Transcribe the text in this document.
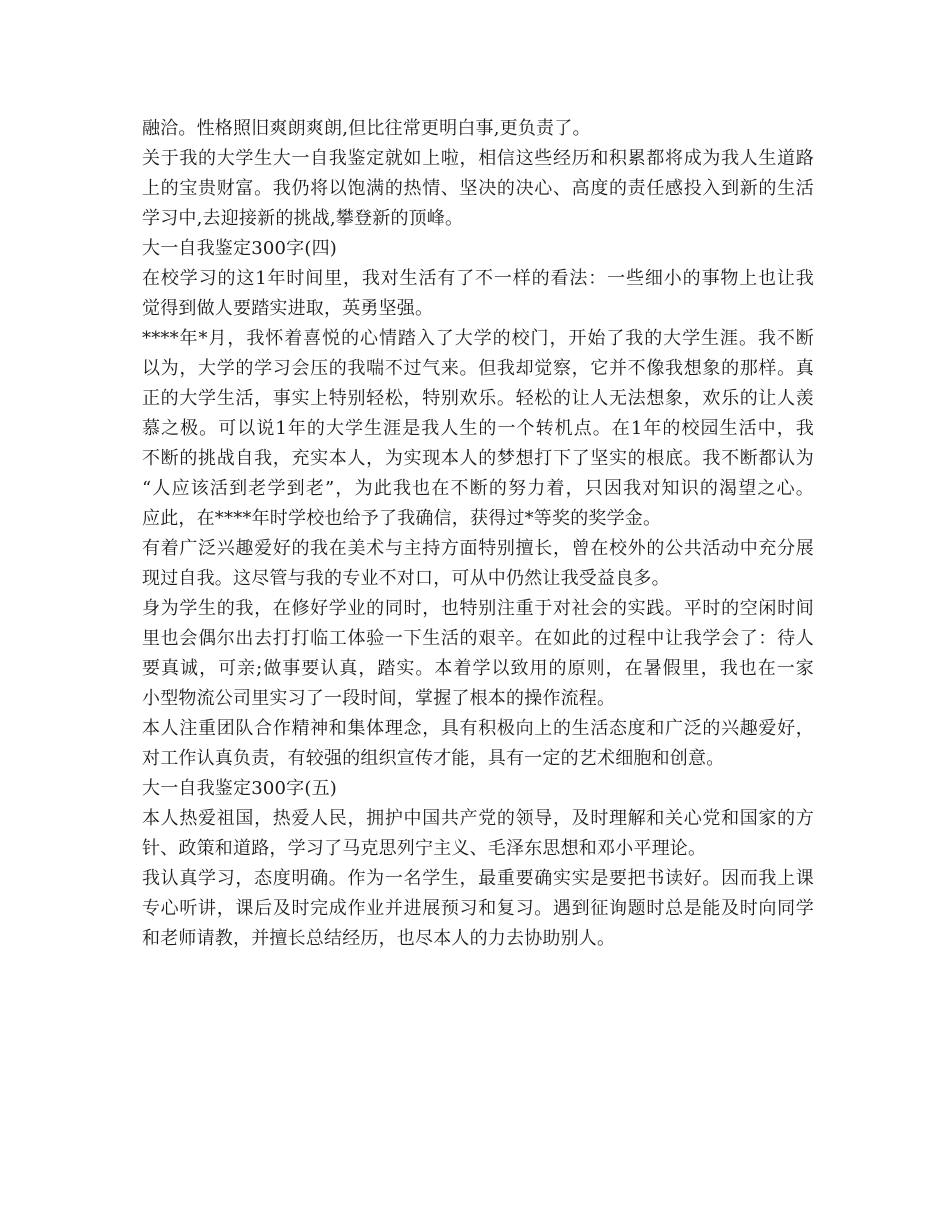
融洽。性格照旧爽朗爽朗,但比往常更明白事,更负责了。
关于我的大学生大一自我鉴定就如上啦，相信这些经历和积累都将成为我人生道路
上的宝贵财富。我仍将以饱满的热情、坚决的决心、高度的责任感投入到新的生活
学习中,去迎接新的挑战,攀登新的顶峰。
大一自我鉴定300字(四)
在校学习的这1年时间里，我对生活有了不一样的看法：一些细小的事物上也让我
觉得到做人要踏实进取，英勇坚强。
****年*月，我怀着喜悦的心情踏入了大学的校门，开始了我的大学生涯。我不断
以为，大学的学习会压的我喘不过气来。但我却觉察，它并不像我想象的那样。真
正的大学生活，事实上特别轻松，特别欢乐。轻松的让人无法想象，欢乐的让人羡
慕之极。可以说1年的大学生涯是我人生的一个转机点。在1年的校园生活中，我
不断的挑战自我，充实本人，为实现本人的梦想打下了坚实的根底。我不断都认为
“人应该活到老学到老”，为此我也在不断的努力着，只因我对知识的渴望之心。
应此，在****年时学校也给予了我确信，获得过*等奖的奖学金。
有着广泛兴趣爱好的我在美术与主持方面特别擅长，曾在校外的公共活动中充分展
现过自我。这尽管与我的专业不对口，可从中仍然让我受益良多。
身为学生的我，在修好学业的同时，也特别注重于对社会的实践。平时的空闲时间
里也会偶尔出去打打临工体验一下生活的艰辛。在如此的过程中让我学会了：待人
要真诚，可亲;做事要认真，踏实。本着学以致用的原则，在暑假里，我也在一家
小型物流公司里实习了一段时间，掌握了根本的操作流程。
本人注重团队合作精神和集体理念，具有积极向上的生活态度和广泛的兴趣爱好，
对工作认真负责，有较强的组织宣传才能，具有一定的艺术细胞和创意。
大一自我鉴定300字(五)
本人热爱祖国，热爱人民，拥护中国共产党的领导，及时理解和关心党和国家的方
针、政策和道路，学习了马克思列宁主义、毛泽东思想和邓小平理论。
我认真学习，态度明确。作为一名学生，最重要确实实是要把书读好。因而我上课
专心听讲，课后及时完成作业并进展预习和复习。遇到征询题时总是能及时向同学
和老师请教，并擅长总结经历，也尽本人的力去协助别人。
